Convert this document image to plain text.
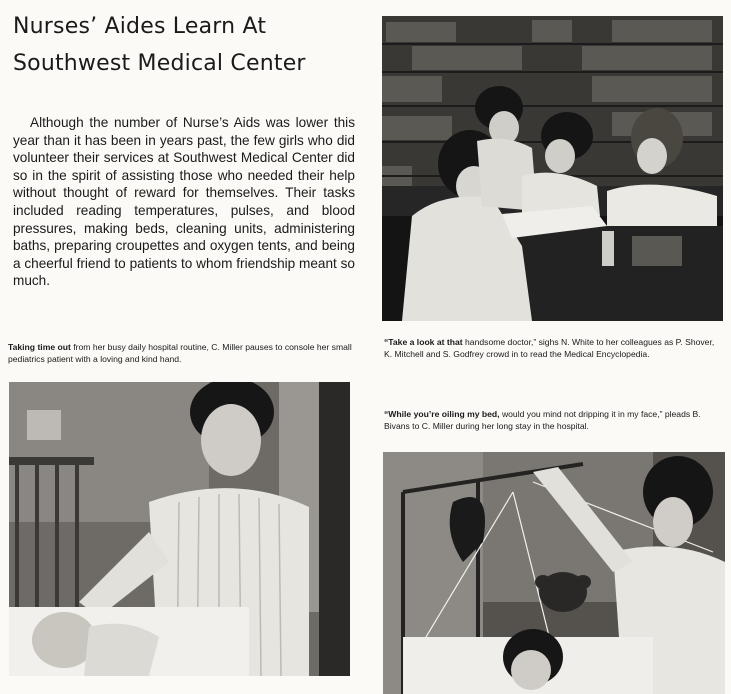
Nurses’ Aides Learn At
Southwest Medical Center

Although the number of Nurse’s Aids was lower this year than it has been in years past, the few girls who did volunteer their services at Southwest Medical Center did so in the spirit of assisting those who needed their help without thought of reward for themselves. Their tasks included reading temperatures, pulses, and blood pressures, making beds, cleaning units, administering baths, preparing croupettes and oxygen tents, and being a cheerful friend to patients to whom friendship meant so much.

“Take a look at that handsome doctor,” sighs N. White to her colleagues as P. Shover, K. Mitchell and S. Godfrey crowd in to read the Medical Encyclopedia.

Taking time out from her busy daily hospital routine, C. Miller pauses to console her small pediatrics patient with a loving and kind hand.

“While you’re oiling my bed, would you mind not dripping it in my face,” pleads B. Bivans to C. Miller during her long stay in the hospital.
